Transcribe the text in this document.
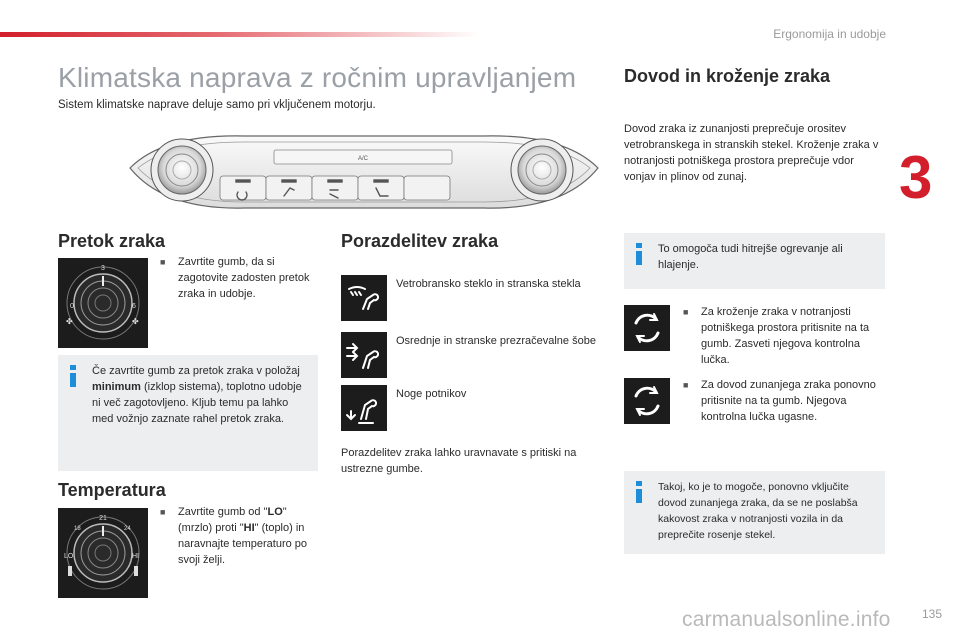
Ergonomija in udobje
3
Klimatska naprava z ročnim upravljanjem
Sistem klimatske naprave deluje samo pri vključenem motorju.
A/C
Pretok zraka
3
0	6
✤	✤
■ Zavrtite gumb, da si zagotovite zadosten pretok zraka in udobje.
Če zavrtite gumb za pretok zraka v položaj minimum (izklop sistema), toplotno udobje ni več zagotovljeno. Kljub temu pa lahko med vožnjo zaznate rahel pretok zraka.
Temperatura
21
18	24
LO	HI
■ Zavrtite gumb od "LO" (mrzlo) proti "HI" (toplo) in naravnajte temperaturo po svoji želji.
Porazdelitev zraka
Vetrobransko steklo in stranska stekla
Osrednje in stranske prezračevalne šobe
Noge potnikov
Porazdelitev zraka lahko uravnavate s pritiski na ustrezne gumbe.
Dovod in kroženje zraka
Dovod zraka iz zunanjosti preprečuje orositev vetrobranskega in stranskih stekel. Kroženje zraka v notranjosti potniškega prostora preprečuje vdor vonjav in plinov od zunaj.
To omogoča tudi hitrejše ogrevanje ali hlajenje.
■ Za kroženje zraka v notranjosti potniškega prostora pritisnite na ta gumb. Zasveti njegova kontrolna lučka.
■ Za dovod zunanjega zraka ponovno pritisnite na ta gumb. Njegova kontrolna lučka ugasne.
Takoj, ko je to mogoče, ponovno vključite dovod zunanjega zraka, da se ne poslabša kakovost zraka v notranjosti vozila in da preprečite rosenje stekel.
carmanualsonline.info	135
